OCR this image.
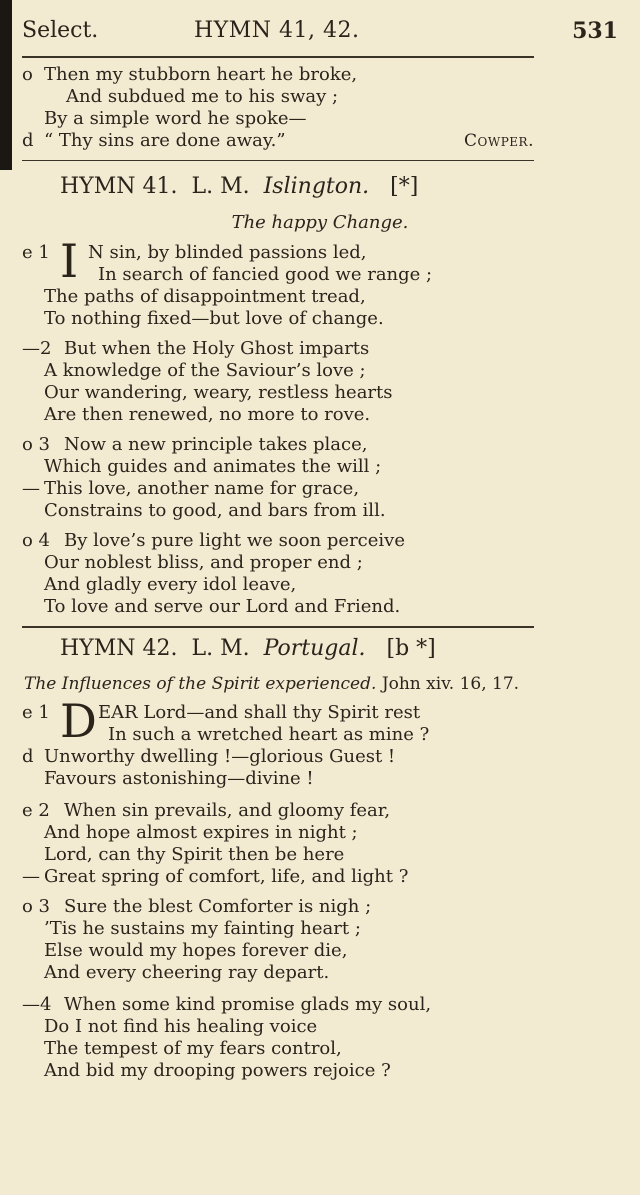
Select.	HYMN 41, 42.	531
o Then my stubborn heart he broke,
And subdued me to his sway ;
By a simple word he spoke—
d “ Thy sins are done away.”	Cowper.
HYMN 41. L. M. Islington. [*]
The happy Change.
e 1 I N sin, by blinded passions led,
In search of fancied good we range ;
The paths of disappointment tread,
To nothing fixed—but love of change.
—2 But when the Holy Ghost imparts
A knowledge of the Saviour’s love ;
Our wandering, weary, restless hearts
Are then renewed, no more to rove.
o 3 Now a new principle takes place,
Which guides and animates the will ;
— This love, another name for grace,
Constrains to good, and bars from ill.
o 4 By love’s pure light we soon perceive
Our noblest bliss, and proper end ;
And gladly every idol leave,
To love and serve our Lord and Friend.
HYMN 42. L. M. Portugal. [b *]
The Influences of the Spirit experienced. John xiv. 16, 17.
e 1 D EAR Lord—and shall thy Spirit rest
In such a wretched heart as mine ?
d Unworthy dwelling !—glorious Guest !
Favours astonishing—divine !
e 2 When sin prevails, and gloomy fear,
And hope almost expires in night ;
Lord, can thy Spirit then be here
— Great spring of comfort, life, and light ?
o 3 Sure the blest Comforter is nigh ;
’Tis he sustains my fainting heart ;
Else would my hopes forever die,
And every cheering ray depart.
—4 When some kind promise glads my soul,
Do I not find his healing voice
The tempest of my fears control,
And bid my drooping powers rejoice ?
